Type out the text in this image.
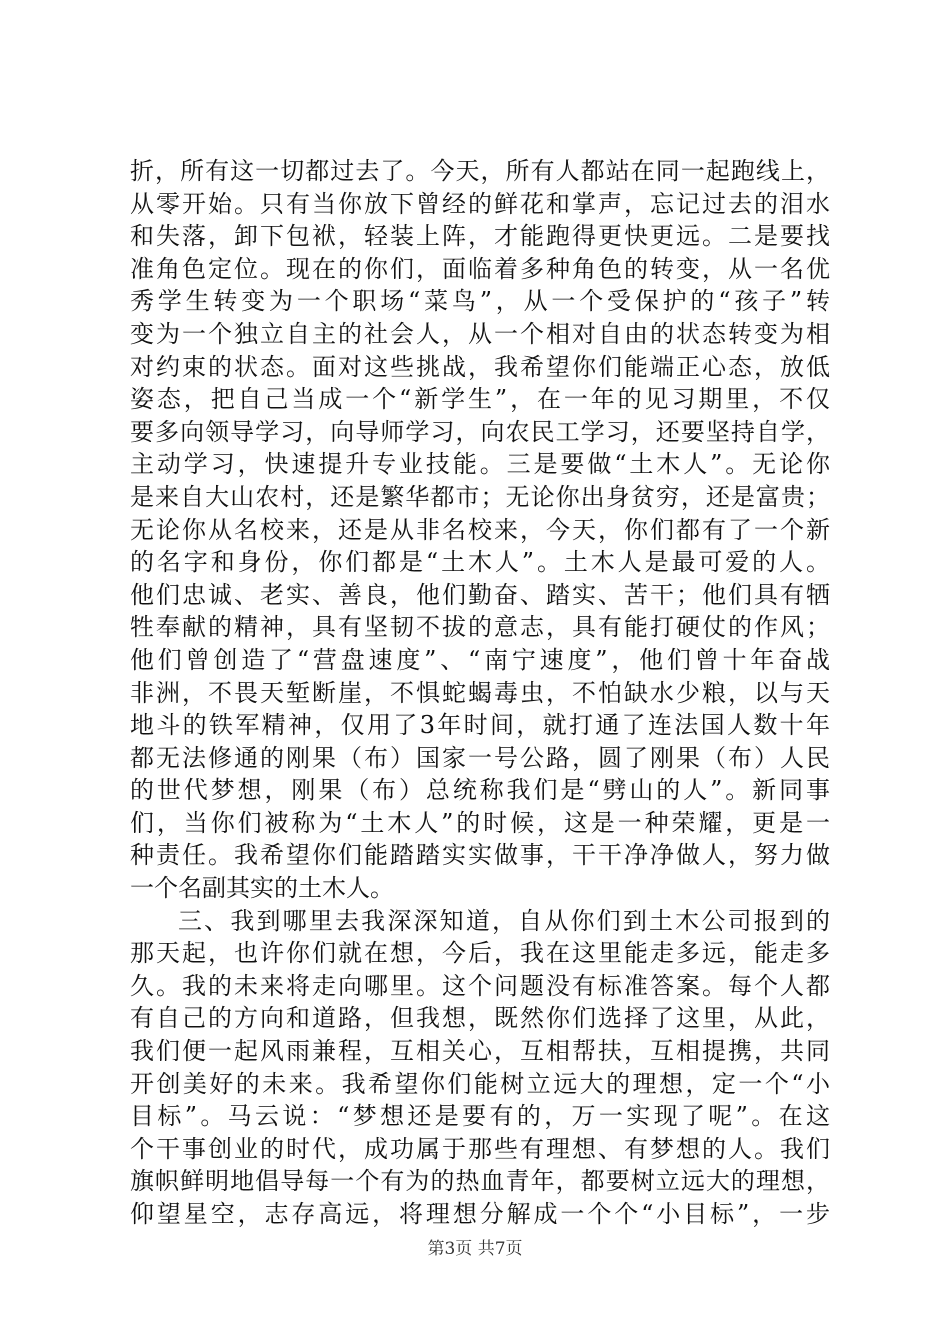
折，所有这一切都过去了。今天，所有人都站在同一起跑线上，
从零开始。只有当你放下曾经的鲜花和掌声，忘记过去的泪水
和失落，卸下包袱，轻装上阵，才能跑得更快更远。二是要找
准角色定位。现在的你们，面临着多种角色的转变，从一名优
秀学生转变为一个职场“菜鸟”，从一个受保护的“孩子”转
变为一个独立自主的社会人，从一个相对自由的状态转变为相
对约束的状态。面对这些挑战，我希望你们能端正心态，放低
姿态，把自己当成一个“新学生”，在一年的见习期里，不仅
要多向领导学习，向导师学习，向农民工学习，还要坚持自学，
主动学习，快速提升专业技能。三是要做“土木人”。无论你
是来自大山农村，还是繁华都市；无论你出身贫穷，还是富贵；
无论你从名校来，还是从非名校来，今天，你们都有了一个新
的名字和身份，你们都是“土木人”。土木人是最可爱的人。
他们忠诚、老实、善良，他们勤奋、踏实、苦干；他们具有牺
牲奉献的精神，具有坚韧不拔的意志，具有能打硬仗的作风；
他们曾创造了“营盘速度”、“南宁速度”，他们曾十年奋战
非洲，不畏天堑断崖，不惧蛇蝎毒虫，不怕缺水少粮，以与天
地斗的铁军精神，仅用了3年时间，就打通了连法国人数十年
都无法修通的刚果（布）国家一号公路，圆了刚果（布）人民
的世代梦想，刚果（布）总统称我们是“劈山的人”。新同事
们，当你们被称为“土木人”的时候，这是一种荣耀，更是一
种责任。我希望你们能踏踏实实做事，干干净净做人，努力做
一个名副其实的土木人。
三、我到哪里去我深深知道，自从你们到土木公司报到的
那天起，也许你们就在想，今后，我在这里能走多远，能走多
久。我的未来将走向哪里。这个问题没有标准答案。每个人都
有自己的方向和道路，但我想，既然你们选择了这里，从此，
我们便一起风雨兼程，互相关心，互相帮扶，互相提携，共同
开创美好的未来。我希望你们能树立远大的理想，定一个“小
目标”。马云说：“梦想还是要有的，万一实现了呢”。在这
个干事创业的时代，成功属于那些有理想、有梦想的人。我们
旗帜鲜明地倡导每一个有为的热血青年，都要树立远大的理想，
仰望星空，志存高远，将理想分解成一个个“小目标”，一步
第3页 共7页
